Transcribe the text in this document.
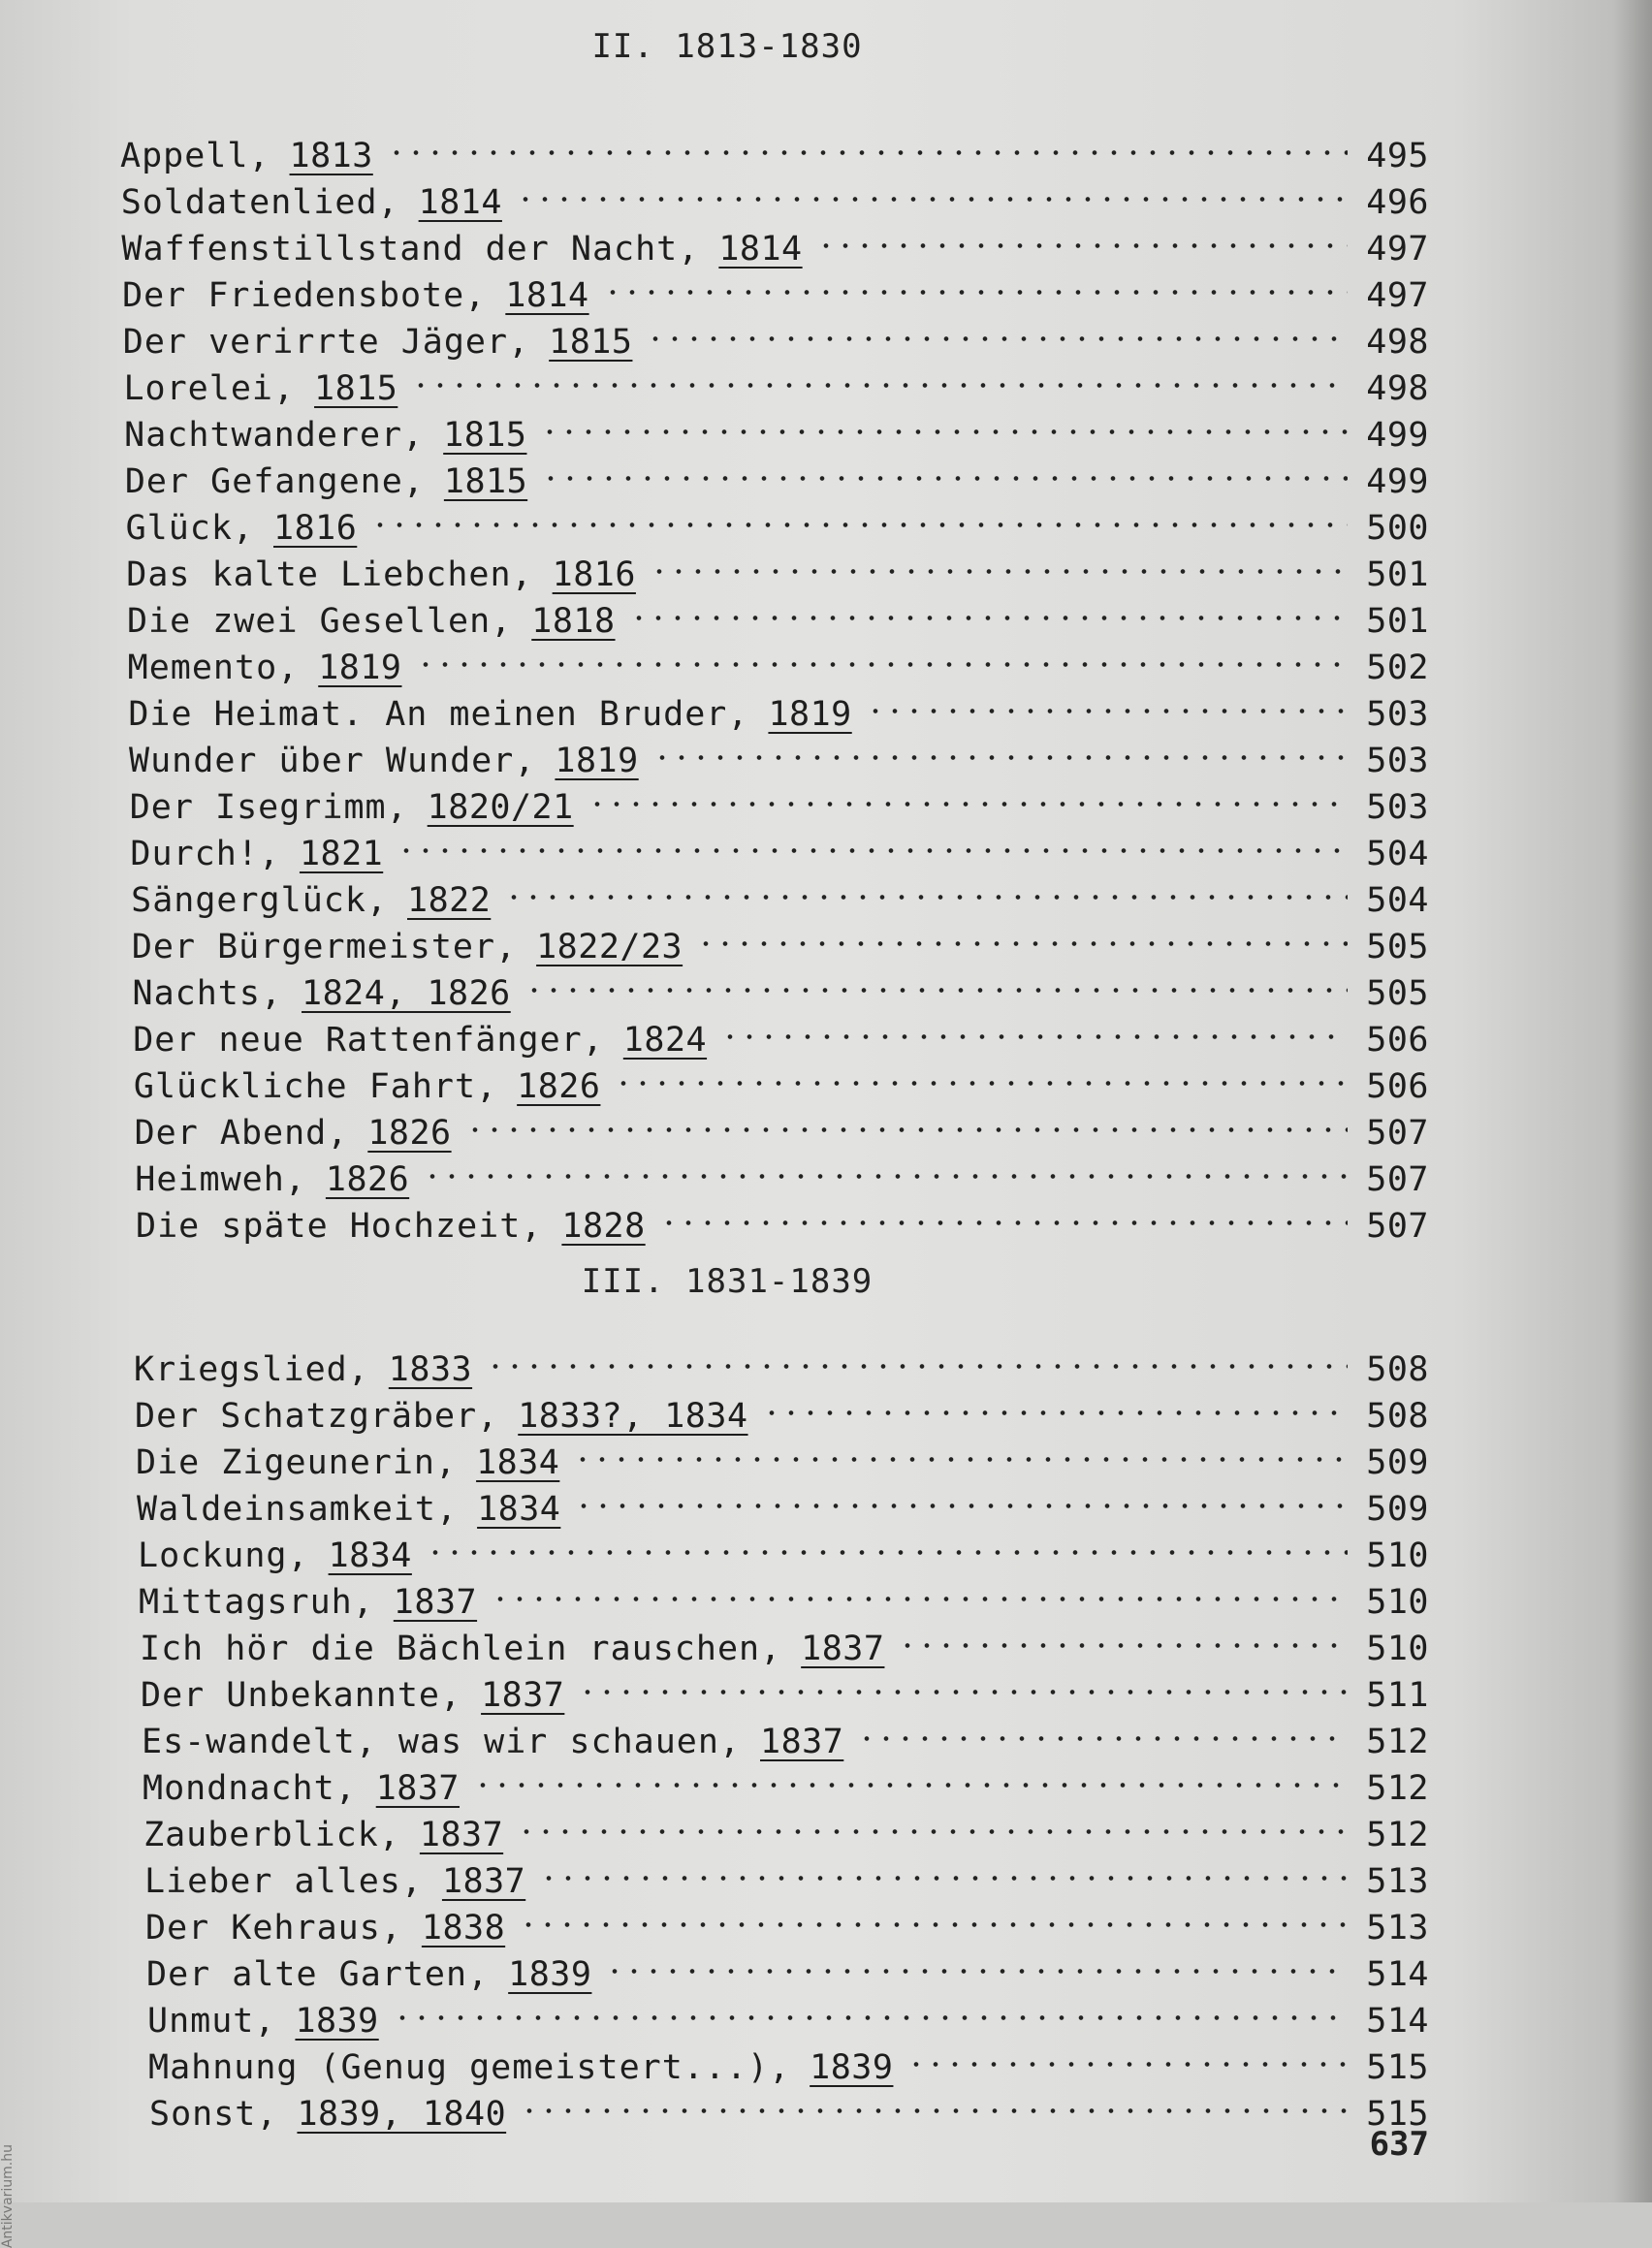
II. 1813-1830
Appell, 1813	495
Soldatenlied, 1814	496
Waffenstillstand der Nacht, 1814	497
Der Friedensbote, 1814	497
Der verirrte Jäger, 1815	498
Lorelei, 1815	498
Nachtwanderer, 1815	499
Der Gefangene, 1815	499
Glück, 1816	500
Das kalte Liebchen, 1816	501
Die zwei Gesellen, 1818	501
Memento, 1819	502
Die Heimat. An meinen Bruder, 1819	503
Wunder über Wunder, 1819	503
Der Isegrimm, 1820/21	503
Durch!, 1821	504
Sängerglück, 1822	504
Der Bürgermeister, 1822/23	505
Nachts, 1824, 1826	505
Der neue Rattenfänger, 1824	506
Glückliche Fahrt, 1826	506
Der Abend, 1826	507
Heimweh, 1826	507
Die späte Hochzeit, 1828	507
III. 1831-1839
Kriegslied, 1833	508
Der Schatzgräber, 1833?, 1834	508
Die Zigeunerin, 1834	509
Waldeinsamkeit, 1834	509
Lockung, 1834	510
Mittagsruh, 1837	510
Ich hör die Bächlein rauschen, 1837	510
Der Unbekannte, 1837	511
Es-wandelt, was wir schauen, 1837	512
Mondnacht, 1837	512
Zauberblick, 1837	512
Lieber alles, 1837	513
Der Kehraus, 1838	513
Der alte Garten, 1839	514
Unmut, 1839	514
Mahnung (Genug gemeistert...), 1839	515
Sonst, 1839, 1840	515
637
Antikvarium.hu
